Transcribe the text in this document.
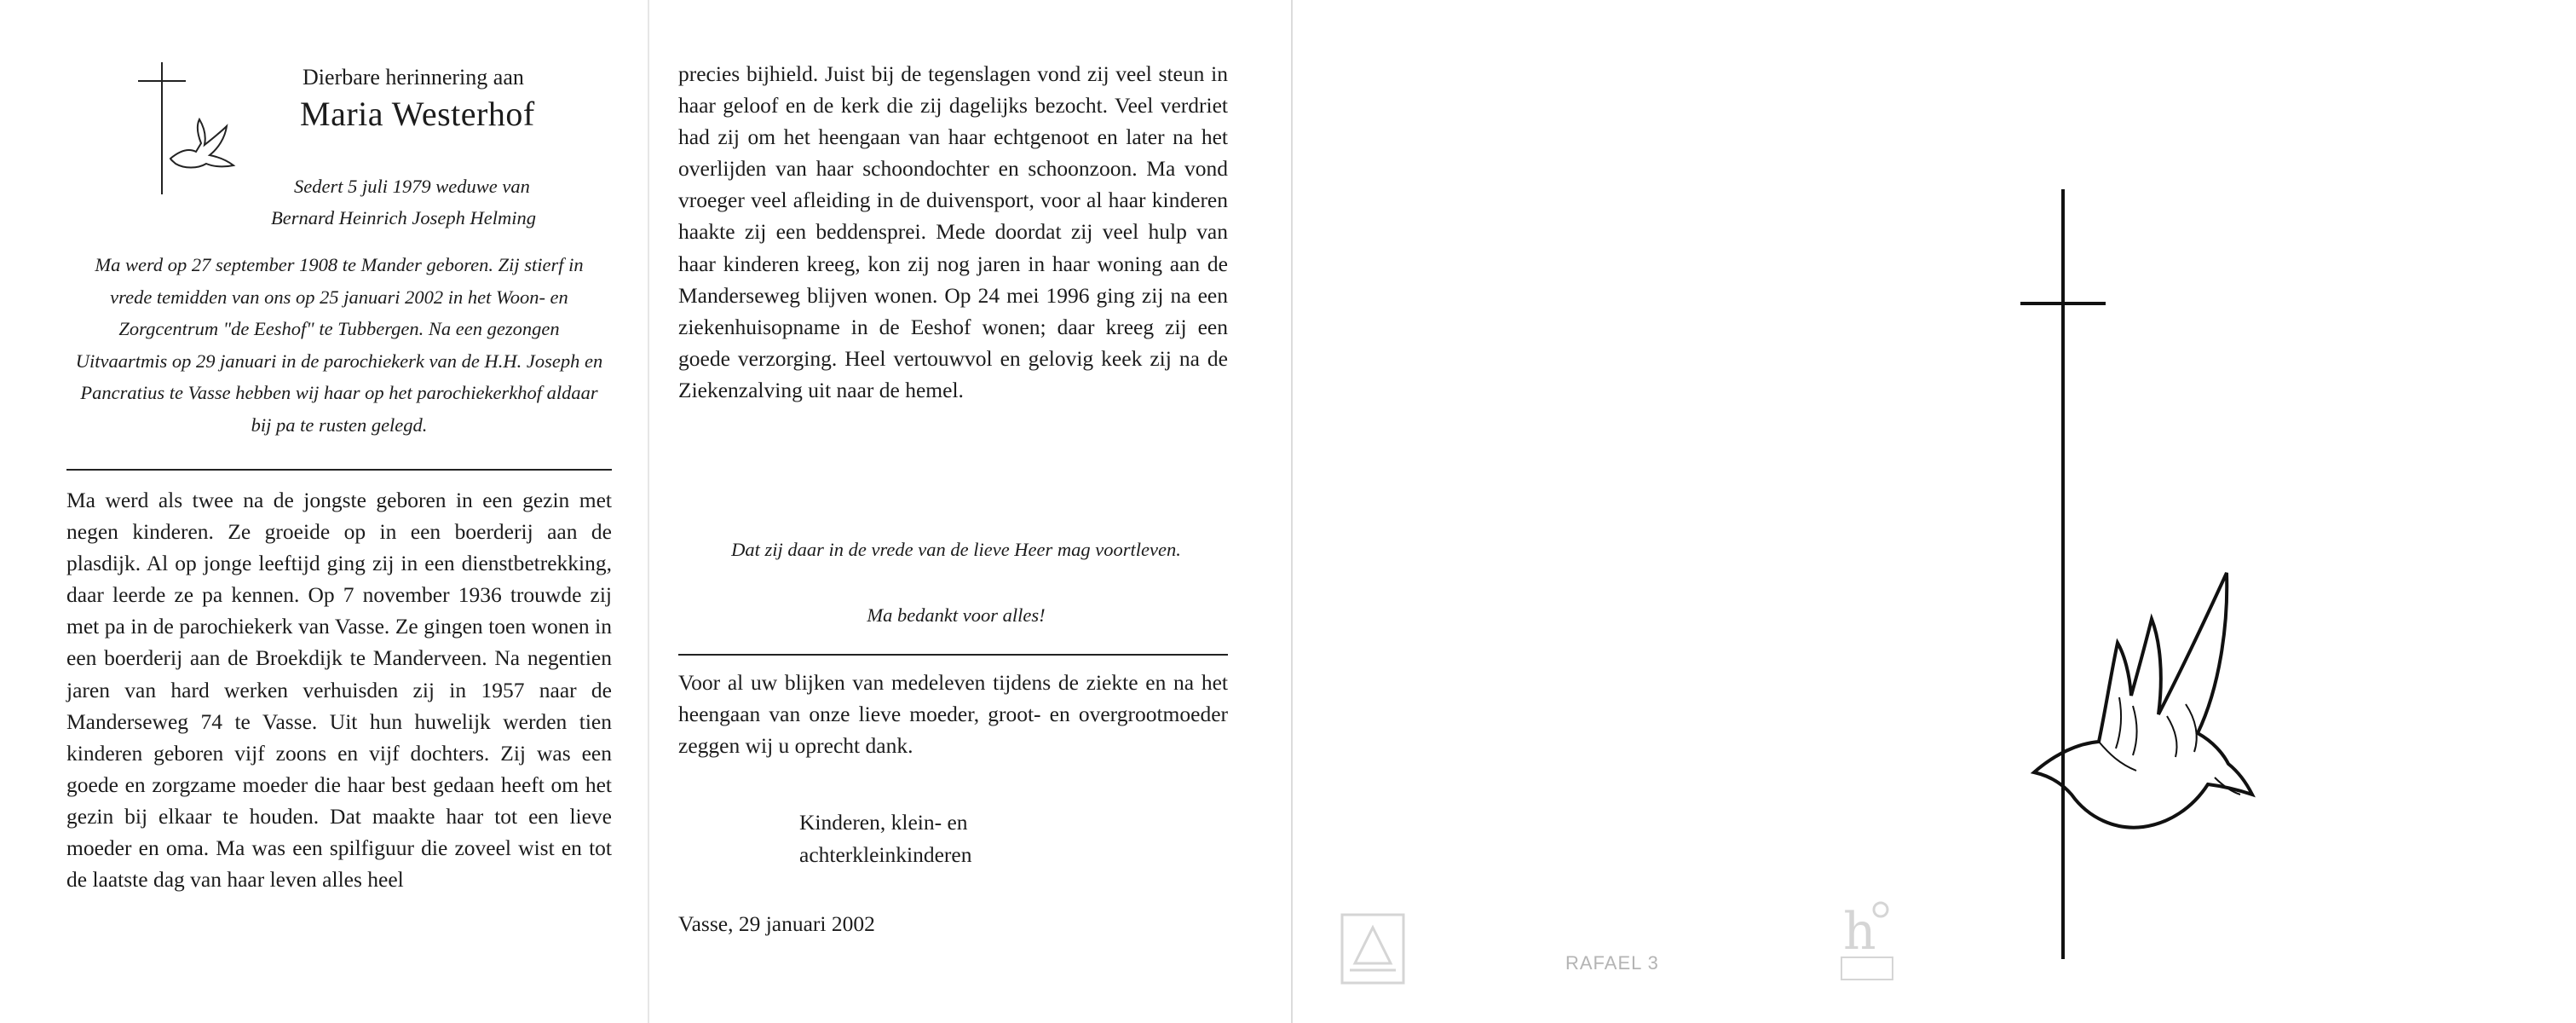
Dierbare herinnering aan
Maria Westerhof
Sedert 5 juli 1979 weduwe van
Bernard Heinrich Joseph Helming

Ma werd op 27 september 1908 te Mander geboren. Zij stierf in vrede temidden van ons op 25 januari 2002 in het Woon- en Zorgcentrum "de Eeshof" te Tubbergen. Na een gezongen Uitvaartmis op 29 januari in de parochiekerk van de H.H. Joseph en Pancratius te Vasse hebben wij haar op het parochiekerkhof aldaar bij pa te rusten gelegd.

Ma werd als twee na de jongste geboren in een gezin met negen kinderen. Ze groeide op in een boerderij aan de plasdijk. Al op jonge leeftijd ging zij in een dienstbetrekking, daar leerde ze pa kennen. Op 7 november 1936 trouwde zij met pa in de parochiekerk van Vasse. Ze gingen toen wonen in een boerderij aan de Broekdijk te Manderveen. Na negentien jaren van hard werken verhuisden zij in 1957 naar de Manderseweg 74 te Vasse. Uit hun huwelijk werden tien kinderen geboren vijf zoons en vijf dochters. Zij was een goede en zorgzame moeder die haar best gedaan heeft om het gezin bij elkaar te houden. Dat maakte haar tot een lieve moeder en oma. Ma was een spilfiguur die zoveel wist en tot de laatste dag van haar leven alles heel

precies bijhield. Juist bij de tegenslagen vond zij veel steun in haar geloof en de kerk die zij dagelijks bezocht. Veel verdriet had zij om het heengaan van haar echtgenoot en later na het overlijden van haar schoondochter en schoonzoon. Ma vond vroeger veel afleiding in de duivensport, voor al haar kinderen haakte zij een beddensprei. Mede doordat zij veel hulp van haar kinderen kreeg, kon zij nog jaren in haar woning aan de Manderseweg blijven wonen. Op 24 mei 1996 ging zij na een ziekenhuisopname in de Eeshof wonen; daar kreeg zij een goede verzorging. Heel vertouwvol en gelovig keek zij na de Ziekenzalving uit naar de hemel.

Dat zij daar in de vrede van de lieve Heer mag voortleven.
Ma bedankt voor alles!

Voor al uw blijken van medeleven tijdens de ziekte en na het heengaan van onze lieve moeder, groot- en overgrootmoeder zeggen wij u oprecht dank.

Kinderen, klein- en
achterkleinkinderen
Vasse, 29 januari 2002	h
RAFAEL 3
